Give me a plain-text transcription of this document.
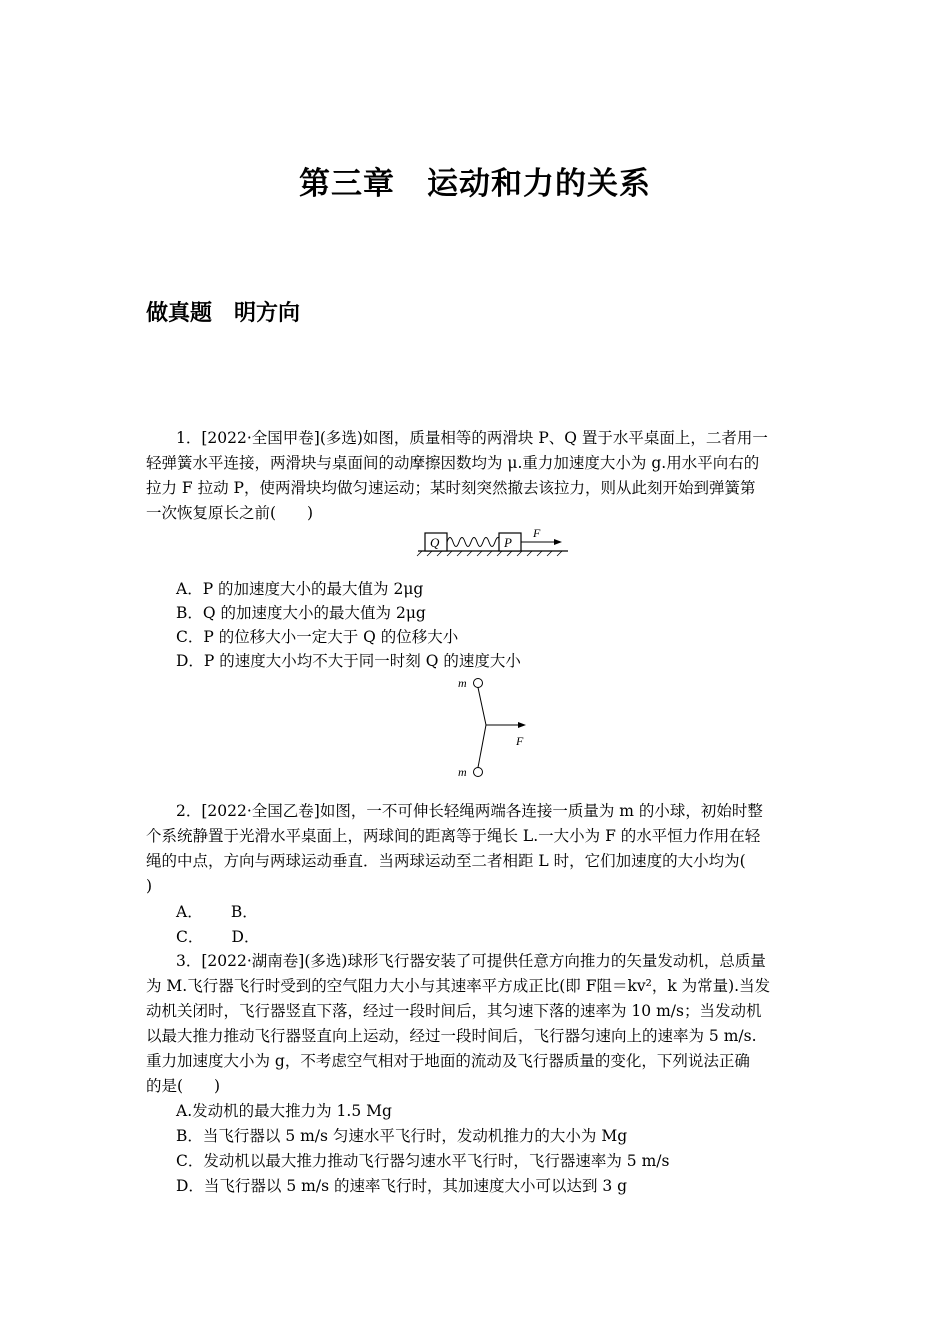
第三章　运动和力的关系
做真题　明方向
1．[2022·全国甲卷](多选)如图，质量相等的两滑块 P、Q 置于水平桌面上，二者用一
轻弹簧水平连接，两滑块与桌面间的动摩擦因数均为 μ.重力加速度大小为 g.用水平向右的
拉力 F 拉动 P，使两滑块均做匀速运动；某时刻突然撤去该拉力，则从此刻开始到弹簧第
一次恢复原长之前(　　)
Q	P
F
A．P 的加速度大小的最大值为 2μg
B．Q 的加速度大小的最大值为 2μg
C．P 的位移大小一定大于 Q 的位移大小
D．P 的速度大小均不大于同一时刻 Q 的速度大小
m
m
F
2．[2022·全国乙卷]如图，一不可伸长轻绳两端各连接一质量为 m 的小球，初始时整
个系统静置于光滑水平桌面上，两球间的距离等于绳长 L.一大小为 F 的水平恒力作用在轻
绳的中点，方向与两球运动垂直．当两球运动至二者相距 L 时，它们加速度的大小均为(
)
A．　　 B．
C．　　 D．
3．[2022·湖南卷](多选)球形飞行器安装了可提供任意方向推力的矢量发动机，总质量
为 M.飞行器飞行时受到的空气阻力大小与其速率平方成正比(即 F阻＝kv²，k 为常量).当发
动机关闭时，飞行器竖直下落，经过一段时间后，其匀速下落的速率为 10 m/s；当发动机
以最大推力推动飞行器竖直向上运动，经过一段时间后，飞行器匀速向上的速率为 5 m/s.
重力加速度大小为 g，不考虑空气相对于地面的流动及飞行器质量的变化，下列说法正确
的是(　　)
A.发动机的最大推力为 1.5 Mg
B．当飞行器以 5 m/s 匀速水平飞行时，发动机推力的大小为 Mg
C．发动机以最大推力推动飞行器匀速水平飞行时，飞行器速率为 5 m/s
D．当飞行器以 5 m/s 的速率飞行时，其加速度大小可以达到 3 g
